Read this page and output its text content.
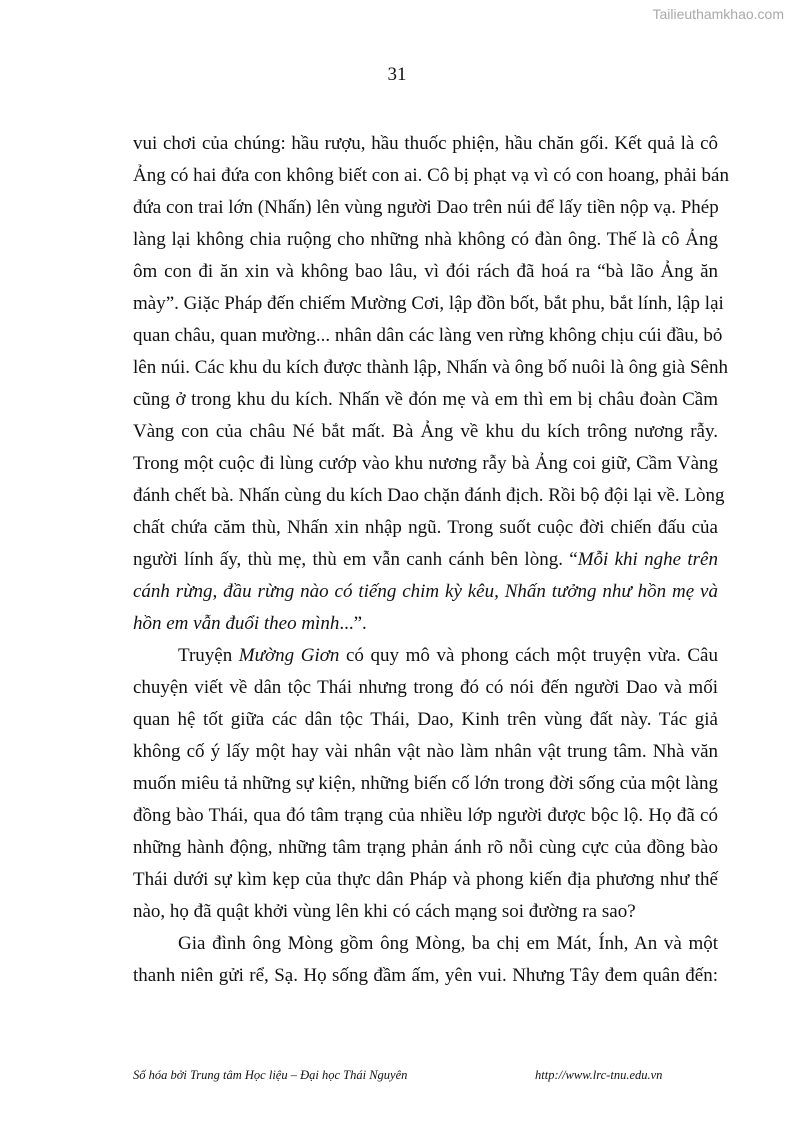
Tailieuthamkhao.com
31
vui chơi của chúng: hầu rượu, hầu thuốc phiện, hầu chăn gối. Kết quả là cô
Ảng có hai đứa con không biết con ai. Cô bị phạt vạ vì có con hoang, phải bán
đứa con trai lớn (Nhấn) lên vùng người Dao trên núi để lấy tiền nộp vạ. Phép
làng lại không chia ruộng cho những nhà không có đàn ông. Thế là cô Ảng
ôm con đi ăn xin và không bao lâu, vì đói rách đã hoá ra “bà lão Ảng ăn
mày”. Giặc Pháp đến chiếm Mường Cơi, lập đồn bốt, bắt phu, bắt lính, lập lại
quan châu, quan mường... nhân dân các làng ven rừng không chịu cúi đầu, bỏ
lên núi. Các khu du kích được thành lập, Nhấn và ông bố nuôi là ông già Sênh
cũng ở trong khu du kích. Nhấn về đón mẹ và em thì em bị châu đoàn Cầm
Vàng con của châu Né bắt mất. Bà Ảng về khu du kích trông nương rẫy.
Trong một cuộc đi lùng cướp vào khu nương rẫy bà Ảng coi giữ, Cầm Vàng
đánh chết bà. Nhấn cùng du kích Dao chặn đánh địch. Rồi bộ đội lại về. Lòng
chất chứa căm thù, Nhấn xin nhập ngũ. Trong suốt cuộc đời chiến đấu của
người lính ấy, thù mẹ, thù em vẫn canh cánh bên lòng. “Mỗi khi nghe trên
cánh rừng, đầu rừng nào có tiếng chim kỳ kêu, Nhấn tưởng như hồn mẹ và
hồn em vẫn đuổi theo mình...”.
Truyện Mường Giơn có quy mô và phong cách một truyện vừa. Câu
chuyện viết về dân tộc Thái nhưng trong đó có nói đến người Dao và mối
quan hệ tốt giữa các dân tộc Thái, Dao, Kinh trên vùng đất này. Tác giả
không cố ý lấy một hay vài nhân vật nào làm nhân vật trung tâm. Nhà văn
muốn miêu tả những sự kiện, những biến cố lớn trong đời sống của một làng
đồng bào Thái, qua đó tâm trạng của nhiều lớp người được bộc lộ. Họ đã có
những hành động, những tâm trạng phản ánh rõ nỗi cùng cực của đồng bào
Thái dưới sự kìm kẹp của thực dân Pháp và phong kiến địa phương như thế
nào, họ đã quật khởi vùng lên khi có cách mạng soi đường ra sao?
Gia đình ông Mòng gồm ông Mòng, ba chị em Mát, Ính, An và một
thanh niên gửi rể, Sạ. Họ sống đầm ấm, yên vui. Nhưng Tây đem quân đến:
Số hóa bởi Trung tâm Học liệu – Đại học Thái Nguyên	http://www.lrc-tnu.edu.vn
